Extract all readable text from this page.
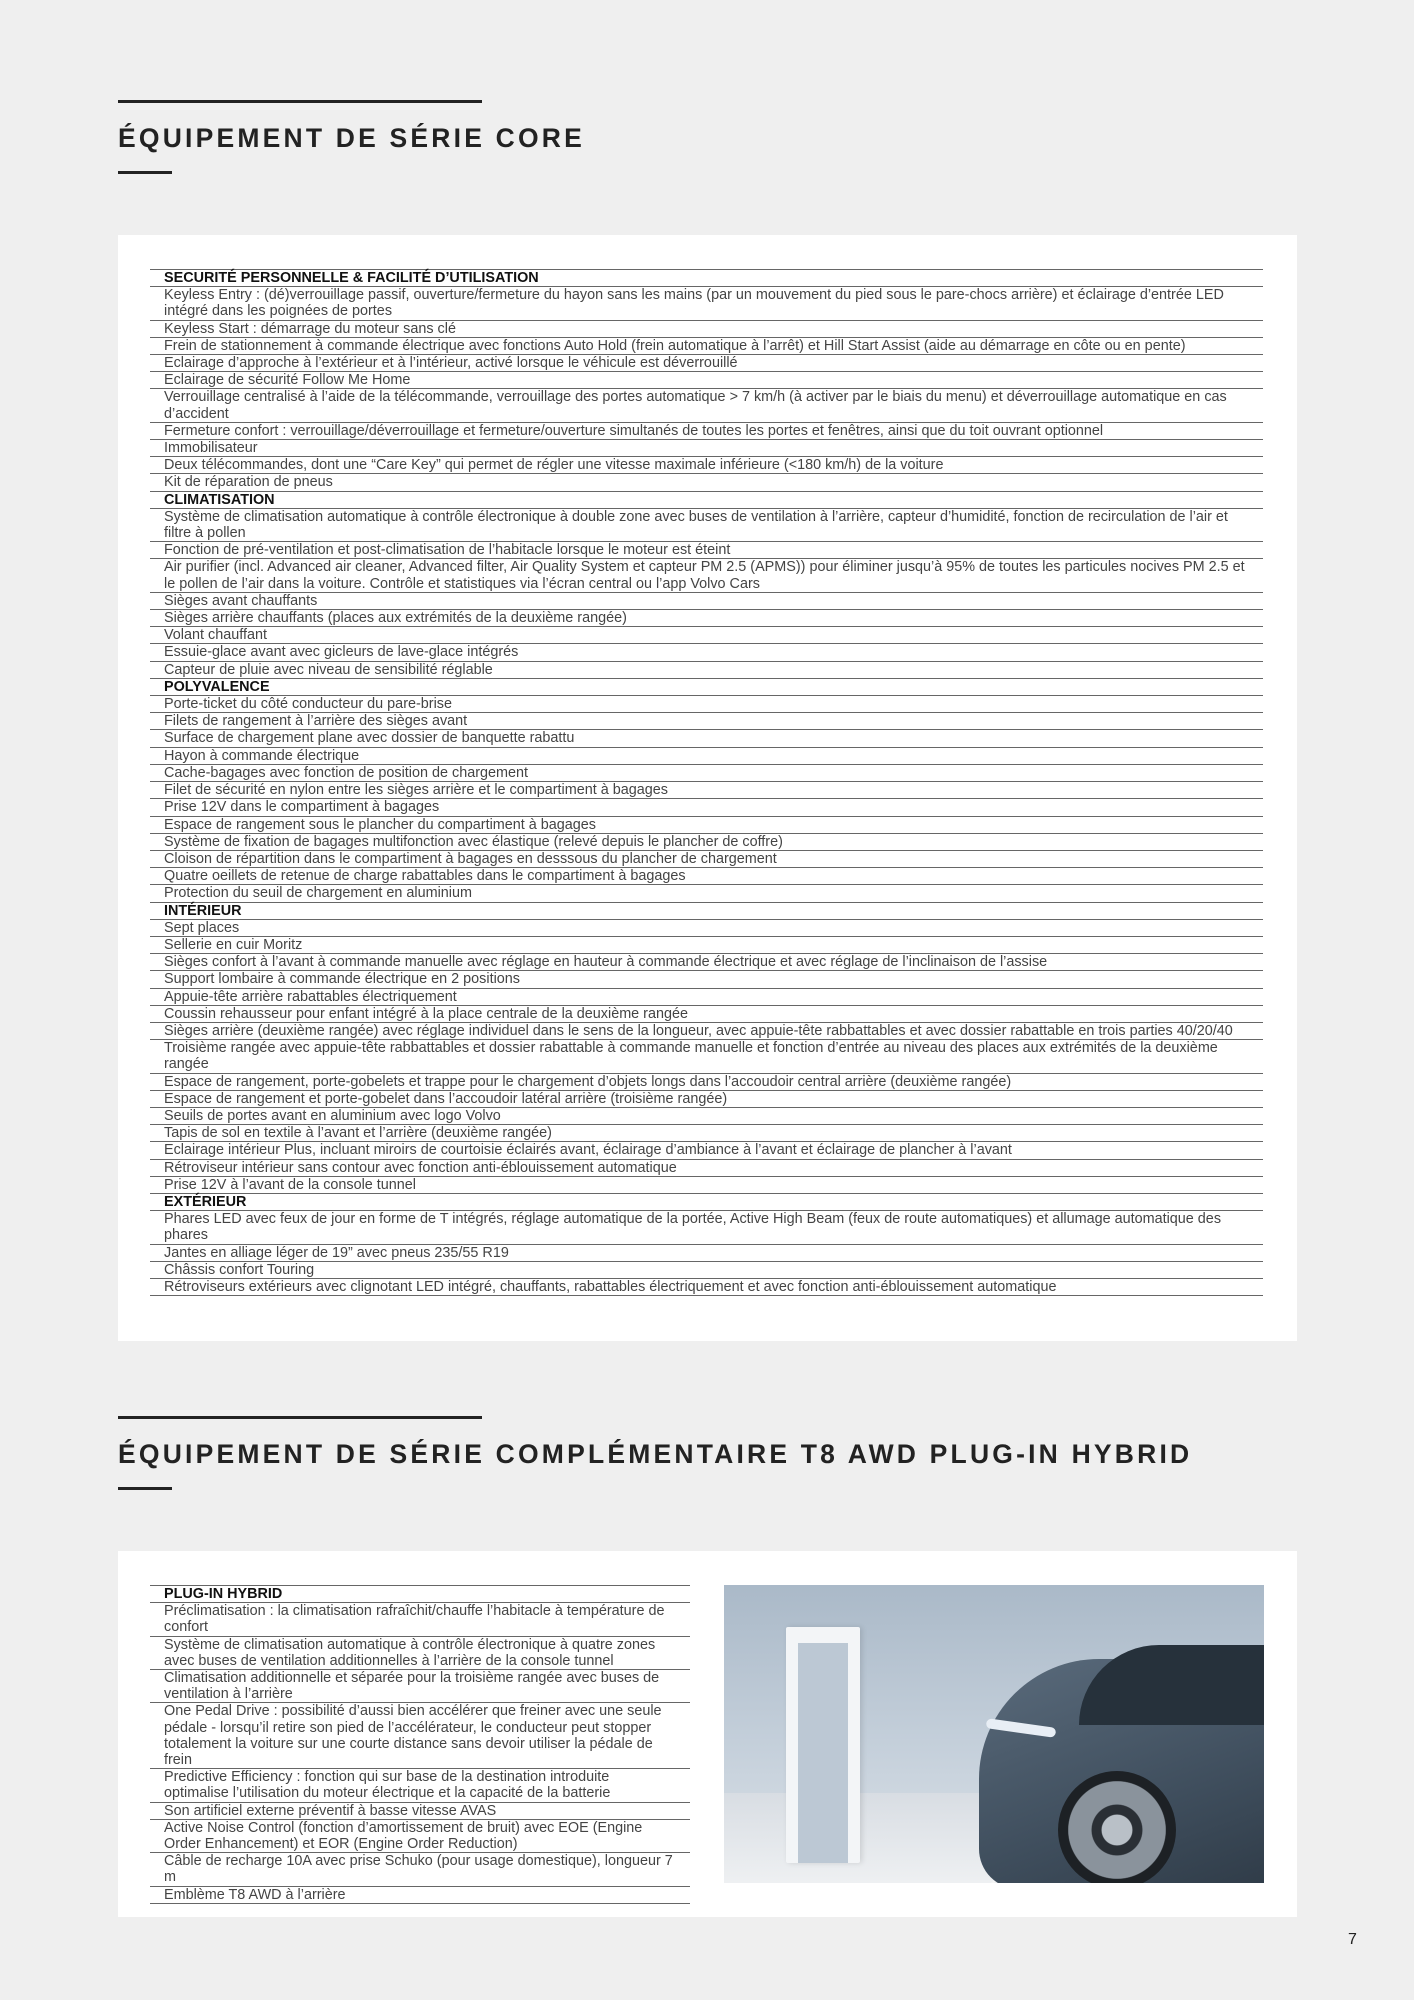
ÉQUIPEMENT DE SÉRIE CORE
SECURITÉ PERSONNELLE & FACILITÉ D’UTILISATION
Keyless Entry : (dé)verrouillage passif, ouverture/fermeture du hayon sans les mains (par un mouvement du pied sous le pare-chocs arrière) et éclairage d’entrée LED intégré dans les poignées de portes
Keyless Start : démarrage du moteur sans clé
Frein de stationnement à commande électrique avec fonctions Auto Hold (frein automatique à l’arrêt) et Hill Start Assist (aide au démarrage en côte ou en pente)
Eclairage d’approche à l’extérieur et à l’intérieur, activé lorsque le véhicule est déverrouillé
Eclairage de sécurité Follow Me Home
Verrouillage centralisé à l’aide de la télécommande, verrouillage des portes automatique > 7 km/h (à activer par le biais du menu) et déverrouillage automatique en cas d’accident
Fermeture confort : verrouillage/déverrouillage et fermeture/ouverture simultanés de toutes les portes et fenêtres, ainsi que du toit ouvrant optionnel
Immobilisateur
Deux télécommandes, dont une “Care Key” qui permet de régler une vitesse maximale inférieure (<180 km/h) de la voiture
Kit de réparation de pneus
CLIMATISATION
Système de climatisation automatique à contrôle électronique à double zone avec buses de ventilation à l’arrière, capteur d’humidité, fonction de recirculation de l’air et filtre à pollen
Fonction de pré-ventilation et post-climatisation de l’habitacle lorsque le moteur est éteint
Air purifier (incl. Advanced air cleaner, Advanced filter, Air Quality System et capteur PM 2.5 (APMS)) pour éliminer jusqu’à 95% de toutes les particules nocives PM 2.5 et le pollen de l’air dans la voiture. Contrôle et statistiques via l’écran central ou l’app Volvo Cars
Sièges avant chauffants
Sièges arrière chauffants (places aux extrémités de la deuxième rangée)
Volant chauffant
Essuie-glace avant avec gicleurs de lave-glace intégrés
Capteur de pluie avec niveau de sensibilité réglable
POLYVALENCE
Porte-ticket du côté conducteur du pare-brise
Filets de rangement à l’arrière des sièges avant
Surface de chargement plane avec dossier de banquette rabattu
Hayon à commande électrique
Cache-bagages avec fonction de position de chargement
Filet de sécurité en nylon entre les sièges arrière et le compartiment à bagages
Prise 12V dans le compartiment à bagages
Espace de rangement sous le plancher du compartiment à bagages
Système de fixation de bagages multifonction avec élastique (relevé depuis le plancher de coffre)
Cloison de répartition dans le compartiment à bagages en desssous du plancher de chargement
Quatre oeillets de retenue de charge rabattables dans le compartiment à bagages
Protection du seuil de chargement en aluminium
INTÉRIEUR
Sept places
Sellerie en cuir Moritz
Sièges confort à l’avant à commande manuelle avec réglage en hauteur à commande électrique et avec réglage de l’inclinaison de l’assise
Support lombaire à commande électrique en 2 positions
Appuie-tête arrière rabattables électriquement
Coussin rehausseur pour enfant intégré à la place centrale de la deuxième rangée
Sièges arrière (deuxième rangée) avec réglage individuel dans le sens de la longueur, avec appuie-tête rabbattables et avec dossier rabattable en trois parties 40/20/40
Troisième rangée avec appuie-tête rabbattables et dossier rabattable à commande manuelle et fonction d’entrée au niveau des places aux extrémités de la deuxième rangée
Espace de rangement, porte-gobelets et trappe pour le chargement d’objets longs dans l’accoudoir central arrière (deuxième rangée)
Espace de rangement et porte-gobelet dans l’accoudoir latéral arrière (troisième rangée)
Seuils de portes avant en aluminium avec logo Volvo
Tapis de sol en textile à l’avant et l’arrière (deuxième rangée)
Eclairage intérieur Plus, incluant miroirs de courtoisie éclairés avant, éclairage d’ambiance à l’avant et éclairage de plancher à l’avant
Rétroviseur intérieur sans contour avec fonction anti-éblouissement automatique
Prise 12V à l’avant de la console tunnel
EXTÉRIEUR
Phares LED avec feux de jour en forme de T intégrés, réglage automatique de la portée, Active High Beam (feux de route automatiques) et allumage automatique des phares
Jantes en alliage léger de 19” avec pneus 235/55 R19
Châssis confort Touring
Rétroviseurs extérieurs avec clignotant LED intégré, chauffants, rabattables électriquement et avec fonction anti-éblouissement automatique
ÉQUIPEMENT DE SÉRIE COMPLÉMENTAIRE T8 AWD PLUG-IN HYBRID
PLUG-IN HYBRID
Préclimatisation : la climatisation rafraîchit/chauffe l’habitacle à température de confort
Système de climatisation automatique à contrôle électronique à quatre zones avec buses de ventilation additionnelles à l’arrière de la console tunnel
Climatisation additionnelle et séparée pour la troisième rangée avec buses de ventilation à l’arrière
One Pedal Drive : possibilité d’aussi bien accélérer que freiner avec une seule pédale - lorsqu’il retire son pied de l’accélérateur, le conducteur peut stopper totalement la voiture sur une courte distance sans devoir utiliser la pédale de frein
Predictive Efficiency : fonction qui sur base de la destination introduite optimalise l’utilisation du moteur électrique et la capacité de la batterie
Son artificiel externe préventif à basse vitesse AVAS
Active Noise Control (fonction d’amortissement de bruit) avec EOE (Engine Order Enhancement) et EOR (Engine Order Reduction)
Câble de recharge 10A avec prise Schuko (pour usage domestique), longueur 7 m
Emblème T8 AWD à l’arrière
7
